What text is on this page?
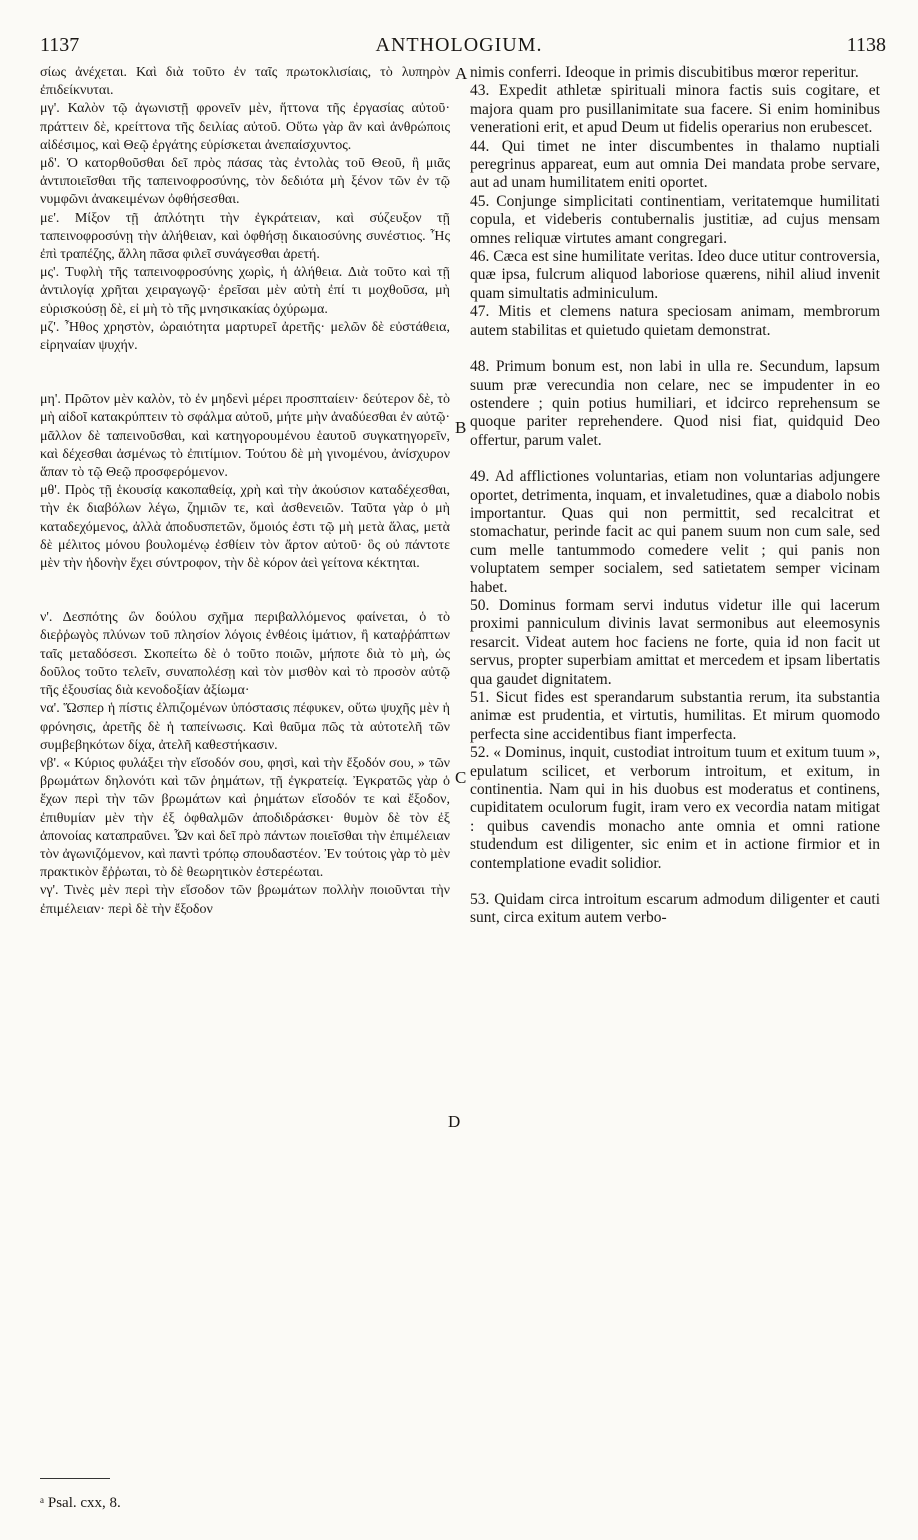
1137	ANTHOLOGIUM.	1138

σίως ἀνέχεται. Καὶ διὰ τοῦτο ἐν ταῖς πρωτοκλισίαις, τὸ λυπηρὸν ἐπιδείκνυται.

μγ'. Καλὸν τῷ ἀγωνιστῇ φρονεῖν μὲν, ἥττονα τῆς ἐργασίας αὐτοῦ· πράττειν δὲ, κρείττονα τῆς δειλίας αὐτοῦ. Οὕτω γὰρ ἂν καὶ ἀνθρώποις αἰδέσιμος, καὶ Θεῷ ἐργάτης εὑρίσκεται ἀνεπαίσχυντος.

μδ'. Ὁ κατορθοῦσθαι δεῖ πρὸς πάσας τὰς ἐντολὰς τοῦ Θεοῦ, ἢ μιᾶς ἀντιποιεῖσθαι τῆς ταπεινοφροσύνης, τὸν δεδιότα μὴ ξένον τῶν ἐν τῷ νυμφῶνι ἀνακειμένων ὀφθήσεσθαι.

με'. Μίξον τῇ ἁπλότητι τὴν ἐγκράτειαν, καὶ σύζευξον τῇ ταπεινοφροσύνῃ τὴν ἀλήθειαν, καὶ ὀφθήσῃ δικαιοσύνης συνέστιος. Ἧς ἐπὶ τραπέζης, ἄλλη πᾶσα φιλεῖ συνάγεσθαι ἀρετή.

μς'. Τυφλὴ τῆς ταπεινοφροσύνης χωρὶς, ἡ ἀλήθεια. Διὰ τοῦτο καὶ τῇ ἀντιλογίᾳ χρῆται χειραγωγῷ· ἐρεῖσαι μὲν αὐτὴ ἐπί τι μοχθοῦσα, μὴ εὑρισκούσῃ δὲ, εἰ μὴ τὸ τῆς μνησικακίας ὀχύρωμα.

μζ'. Ἦθος χρηστὸν, ὡραιότητα μαρτυρεῖ ἀρετῆς· μελῶν δὲ εὐστάθεια, εἰρηναίαν ψυχήν.

μη'. Πρῶτον μὲν καλὸν, τὸ ἐν μηδενὶ μέρει προσπταίειν· δεύτερον δὲ, τὸ μὴ αἰδοῖ κατακρύπτειν τὸ σφάλμα αὐτοῦ, μήτε μὴν ἀναδύεσθαι ἐν αὐτῷ· μᾶλλον δὲ ταπεινοῦσθαι, καὶ κατηγορουμένου ἑαυτοῦ συγκατηγορεῖν, καὶ δέχεσθαι ἀσμένως τὸ ἐπιτίμιον. Τούτου δὲ μὴ γινομένου, ἀνίσχυρον ἅπαν τὸ τῷ Θεῷ προσφερόμενον.

μθ'. Πρὸς τῇ ἑκουσίᾳ κακοπαθείᾳ, χρὴ καὶ τὴν ἀκούσιον καταδέχεσθαι, τὴν ἐκ διαβόλων λέγω, ζημιῶν τε, καὶ ἀσθενειῶν. Ταῦτα γὰρ ὁ μὴ καταδεχόμενος, ἀλλὰ ἀποδυσπετῶν, ὅμοιός ἐστι τῷ μὴ μετὰ ἅλας, μετὰ δὲ μέλιτος μόνου βουλομένῳ ἐσθίειν τὸν ἄρτον αὐτοῦ· ὃς οὐ πάντοτε μὲν τὴν ἡδονὴν ἔχει σύντροφον, τὴν δὲ κόρον ἀεὶ γείτονα κέκτηται.

ν'. Δεσπότης ὢν δούλου σχῆμα περιβαλλόμενος φαίνεται, ὁ τὸ διεῤῥωγὸς πλύνων τοῦ πλησίον λόγοις ἐνθέοις ἱμάτιον, ἢ καταῤῥάπτων ταῖς μεταδόσεσι. Σκοπείτω δὲ ὁ τοῦτο ποιῶν, μήποτε διὰ τὸ μὴ, ὡς δοῦλος τοῦτο τελεῖν, συναπολέσῃ καὶ τὸν μισθὸν καὶ τὸ προσὸν αὐτῷ τῆς ἐξουσίας διὰ κενοδοξίαν ἀξίωμα·

να'. Ὥσπερ ἡ πίστις ἐλπιζομένων ὑπόστασις πέφυκεν, οὕτω ψυχῆς μὲν ἡ φρόνησις, ἀρετῆς δὲ ἡ ταπείνωσις. Καὶ θαῦμα πῶς τὰ αὐτοτελῆ τῶν συμβεβηκότων δίχα, ἀτελῆ καθεστήκασιν.

νβ'. « Κύριος φυλάξει τὴν εἴσοδόν σου, φησὶ, καὶ τὴν ἔξοδόν σου, » τῶν βρωμάτων δηλονότι καὶ τῶν ῥημάτων, τῇ ἐγκρατείᾳ. Ἐγκρατῶς γὰρ ὁ ἔχων περὶ τὴν τῶν βρωμάτων καὶ ῥημάτων εἴσοδόν τε καὶ ἔξοδον, ἐπιθυμίαν μὲν τὴν ἐξ ὀφθαλμῶν ἀποδιδράσκει· θυμὸν δὲ τὸν ἐξ ἀπονοίας καταπραΰνει. Ὧν καὶ δεῖ πρὸ πάντων ποιεῖσθαι τὴν ἐπιμέλειαν τὸν ἀγωνιζόμενον, καὶ παντὶ τρόπῳ σπουδαστέον. Ἐν τούτοις γὰρ τὸ μὲν πρακτικὸν ἔῤῥωται, τὸ δὲ θεωρητικὸν ἐστερέωται.

νγ'. Τινὲς μὲν περὶ τὴν εἴσοδον τῶν βρωμάτων πολλὴν ποιοῦνται τὴν ἐπιμέλειαν· περὶ δὲ τὴν ἔξοδον

A
B
C
D

nimis conferri. Ideoque in primis discubitibus mœror reperitur.

43. Expedit athletæ spirituali minora factis suis cogitare, et majora quam pro pusillanimitate sua facere. Si enim hominibus venerationi erit, et apud Deum ut fidelis operarius non erubescet.

44. Qui timet ne inter discumbentes in thalamo nuptiali peregrinus appareat, eum aut omnia Dei mandata probe servare, aut ad unam humilitatem eniti oportet.

45. Conjunge simplicitati continentiam, veritatemque humilitati copula, et videberis contubernalis justitiæ, ad cujus mensam omnes reliquæ virtutes amant congregari.

46. Cæca est sine humilitate veritas. Ideo duce utitur controversia, quæ ipsa, fulcrum aliquod laboriose quærens, nihil aliud invenit quam simultatis adminiculum.

47. Mitis et clemens natura speciosam animam, membrorum autem stabilitas et quietudo quietam demonstrat.

48. Primum bonum est, non labi in ulla re. Secundum, lapsum suum præ verecundia non celare, nec se impudenter in eo ostendere ; quin potius humiliari, et idcirco reprehensum se quoque pariter reprehendere. Quod nisi fiat, quidquid Deo offertur, parum valet.

49. Ad afflictiones voluntarias, etiam non voluntarias adjungere oportet, detrimenta, inquam, et invaletudines, quæ a diabolo nobis importantur. Quas qui non permittit, sed recalcitrat et stomachatur, perinde facit ac qui panem suum non cum sale, sed cum melle tantummodo comedere velit ; qui panis non voluptatem semper socialem, sed satietatem semper vicinam habet.

50. Dominus formam servi indutus videtur ille qui lacerum proximi panniculum divinis lavat sermonibus aut eleemosynis resarcit. Videat autem hoc faciens ne forte, quia id non facit ut servus, propter superbiam amittat et mercedem et ipsam libertatis qua gaudet dignitatem.

51. Sicut fides est sperandarum substantia rerum, ita substantia animæ est prudentia, et virtutis, humilitas. Et mirum quomodo perfecta sine accidentibus fiant imperfecta.

52. « Dominus, inquit, custodiat introitum tuum et exitum tuum », epulatum scilicet, et verborum introitum, et exitum, in continentia. Nam qui in his duobus est moderatus et continens, cupiditatem oculorum fugit, iram vero ex vecordia natam mitigat : quibus cavendis monacho ante omnia et omni ratione studendum est diligenter, sic enim et in actione firmior et in contemplatione evadit solidior.

53. Quidam circa introitum escarum admodum diligenter et cauti sunt, circa exitum autem verbo-

ᵃ Psal. cxx, 8.
